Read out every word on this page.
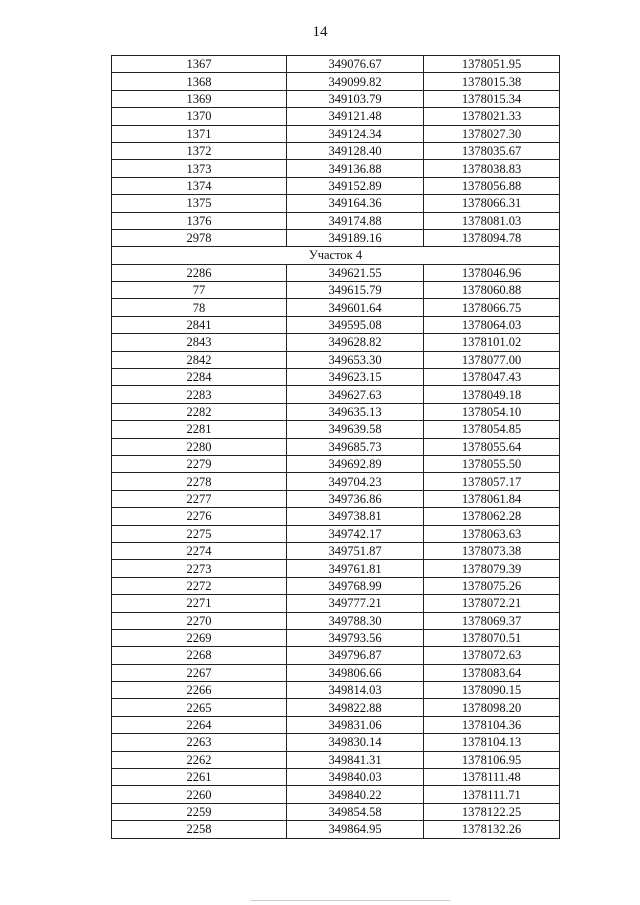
14
1367	349076.67	1378051.95
1368	349099.82	1378015.38
1369	349103.79	1378015.34
1370	349121.48	1378021.33
1371	349124.34	1378027.30
1372	349128.40	1378035.67
1373	349136.88	1378038.83
1374	349152.89	1378056.88
1375	349164.36	1378066.31
1376	349174.88	1378081.03
2978	349189.16	1378094.78
Участок 4		
2286	349621.55	1378046.96
77	349615.79	1378060.88
78	349601.64	1378066.75
2841	349595.08	1378064.03
2843	349628.82	1378101.02
2842	349653.30	1378077.00
2284	349623.15	1378047.43
2283	349627.63	1378049.18
2282	349635.13	1378054.10
2281	349639.58	1378054.85
2280	349685.73	1378055.64
2279	349692.89	1378055.50
2278	349704.23	1378057.17
2277	349736.86	1378061.84
2276	349738.81	1378062.28
2275	349742.17	1378063.63
2274	349751.87	1378073.38
2273	349761.81	1378079.39
2272	349768.99	1378075.26
2271	349777.21	1378072.21
2270	349788.30	1378069.37
2269	349793.56	1378070.51
2268	349796.87	1378072.63
2267	349806.66	1378083.64
2266	349814.03	1378090.15
2265	349822.88	1378098.20
2264	349831.06	1378104.36
2263	349830.14	1378104.13
2262	349841.31	1378106.95
2261	349840.03	1378111.48
2260	349840.22	1378111.71
2259	349854.58	1378122.25
2258	349864.95	1378132.26
